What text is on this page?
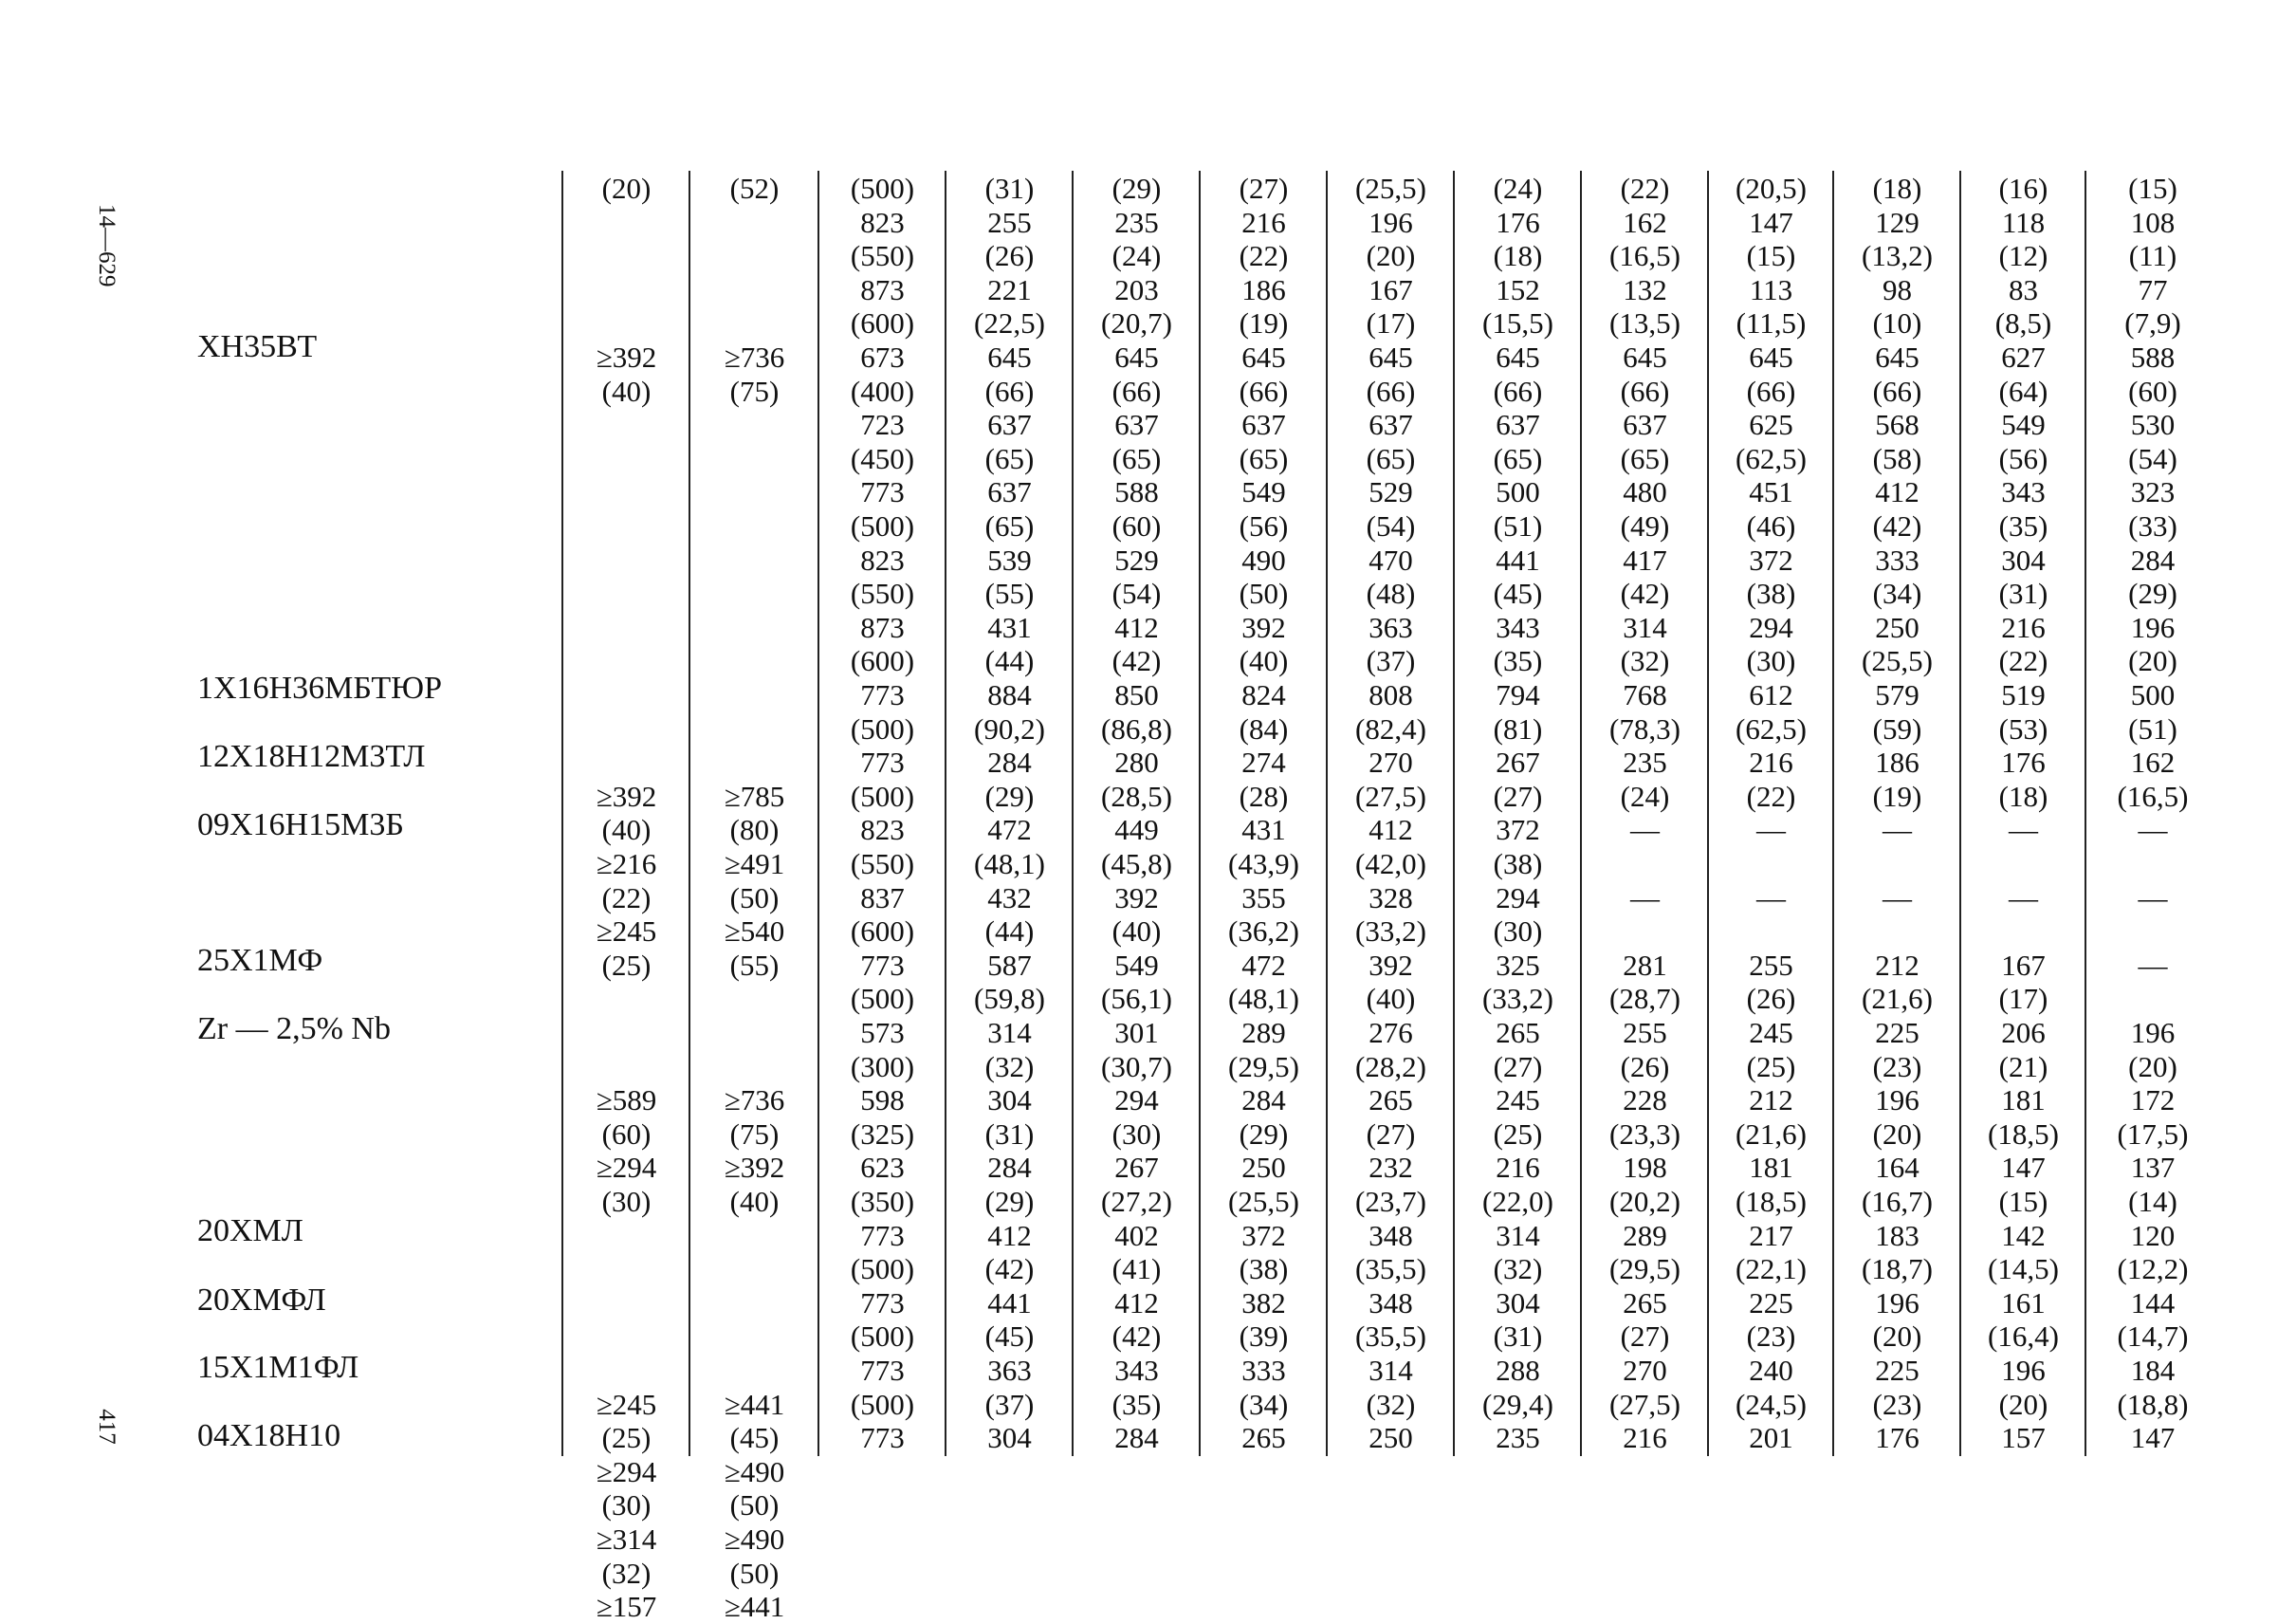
14—629
417
ХН35ВТ
1Х16Н36МБТЮР
12Х18Н12М3ТЛ
09Х16Н15М3Б
25Х1МФ
Zr — 2,5% Nb
20ХМЛ
20ХМФЛ
15Х1М1ФЛ
04Х18Н10
(20)
≥392
(40)
≥392
(40)
≥216
(22)
≥245
(25)
≥589
(60)
≥294
(30)
≥245
(25)
≥294
(30)
≥314
(32)
≥157
(52)
≥736
(75)
≥785
(80)
≥491
(50)
≥540
(55)
≥736
(75)
≥392
(40)
≥441
(45)
≥490
(50)
≥490
(50)
≥441
(500)
823
(550)
873
(600)
673
(400)
723
(450)
773
(500)
823
(550)
873
(600)
773
(500)
773
(500)
823
(550)
837
(600)
773
(500)
573
(300)
598
(325)
623
(350)
773
(500)
773
(500)
773
(500)
773
(31)
255
(26)
221
(22,5)
645
(66)
637
(65)
637
(65)
539
(55)
431
(44)
884
(90,2)
284
(29)
472
(48,1)
432
(44)
587
(59,8)
314
(32)
304
(31)
284
(29)
412
(42)
441
(45)
363
(37)
304
(29)
235
(24)
203
(20,7)
645
(66)
637
(65)
588
(60)
529
(54)
412
(42)
850
(86,8)
280
(28,5)
449
(45,8)
392
(40)
549
(56,1)
301
(30,7)
294
(30)
267
(27,2)
402
(41)
412
(42)
343
(35)
284
(27)
216
(22)
186
(19)
645
(66)
637
(65)
549
(56)
490
(50)
392
(40)
824
(84)
274
(28)
431
(43,9)
355
(36,2)
472
(48,1)
289
(29,5)
284
(29)
250
(25,5)
372
(38)
382
(39)
333
(34)
265
(25,5)
196
(20)
167
(17)
645
(66)
637
(65)
529
(54)
470
(48)
363
(37)
808
(82,4)
270
(27,5)
412
(42,0)
328
(33,2)
392
(40)
276
(28,2)
265
(27)
232
(23,7)
348
(35,5)
348
(35,5)
314
(32)
250
(24)
176
(18)
152
(15,5)
645
(66)
637
(65)
500
(51)
441
(45)
343
(35)
794
(81)
267
(27)
372
(38)
294
(30)
325
(33,2)
265
(27)
245
(25)
216
(22,0)
314
(32)
304
(31)
288
(29,4)
235
(22)
162
(16,5)
132
(13,5)
645
(66)
637
(65)
480
(49)
417
(42)
314
(32)
768
(78,3)
235
(24)
—
—
281
(28,7)
255
(26)
228
(23,3)
198
(20,2)
289
(29,5)
265
(27)
270
(27,5)
216
(20,5)
147
(15)
113
(11,5)
645
(66)
625
(62,5)
451
(46)
372
(38)
294
(30)
612
(62,5)
216
(22)
—
—
255
(26)
245
(25)
212
(21,6)
181
(18,5)
217
(22,1)
225
(23)
240
(24,5)
201
(18)
129
(13,2)
98
(10)
645
(66)
568
(58)
412
(42)
333
(34)
250
(25,5)
579
(59)
186
(19)
—
—
212
(21,6)
225
(23)
196
(20)
164
(16,7)
183
(18,7)
196
(20)
225
(23)
176
(16)
118
(12)
83
(8,5)
627
(64)
549
(56)
343
(35)
304
(31)
216
(22)
519
(53)
176
(18)
—
—
167
(17)
206
(21)
181
(18,5)
147
(15)
142
(14,5)
161
(16,4)
196
(20)
157
(15)
108
(11)
77
(7,9)
588
(60)
530
(54)
323
(33)
284
(29)
196
(20)
500
(51)
162
(16,5)
—
—
—
196
(20)
172
(17,5)
137
(14)
120
(12,2)
144
(14,7)
184
(18,8)
147
